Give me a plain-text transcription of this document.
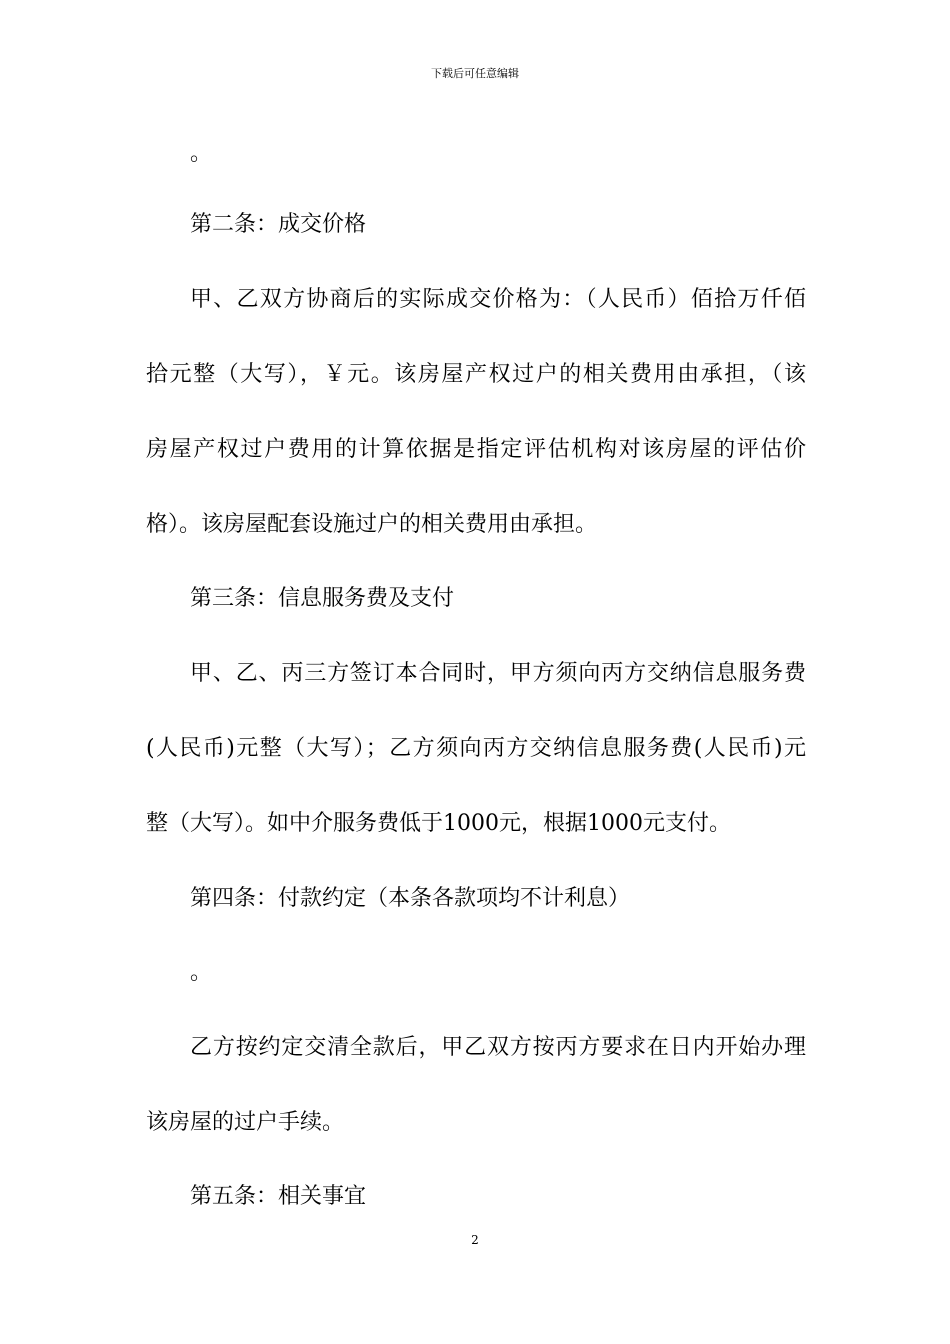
下载后可任意编辑
。
第二条：成交价格
甲、乙双方协商后的实际成交价格为：（人民币）佰拾万仟佰
拾元整（大写），￥元。该房屋产权过户的相关费用由承担，（该
房屋产权过户费用的计算依据是指定评估机构对该房屋的评估价
格）。该房屋配套设施过户的相关费用由承担。
第三条：信息服务费及支付
甲、乙、丙三方签订本合同时，甲方须向丙方交纳信息服务费
(人民币)元整（大写）；乙方须向丙方交纳信息服务费(人民币)元
整（大写）。如中介服务费低于1000元，根据1000元支付。
第四条：付款约定（本条各款项均不计利息）
。
乙方按约定交清全款后，甲乙双方按丙方要求在日内开始办理
该房屋的过户手续。
第五条：相关事宜
2
